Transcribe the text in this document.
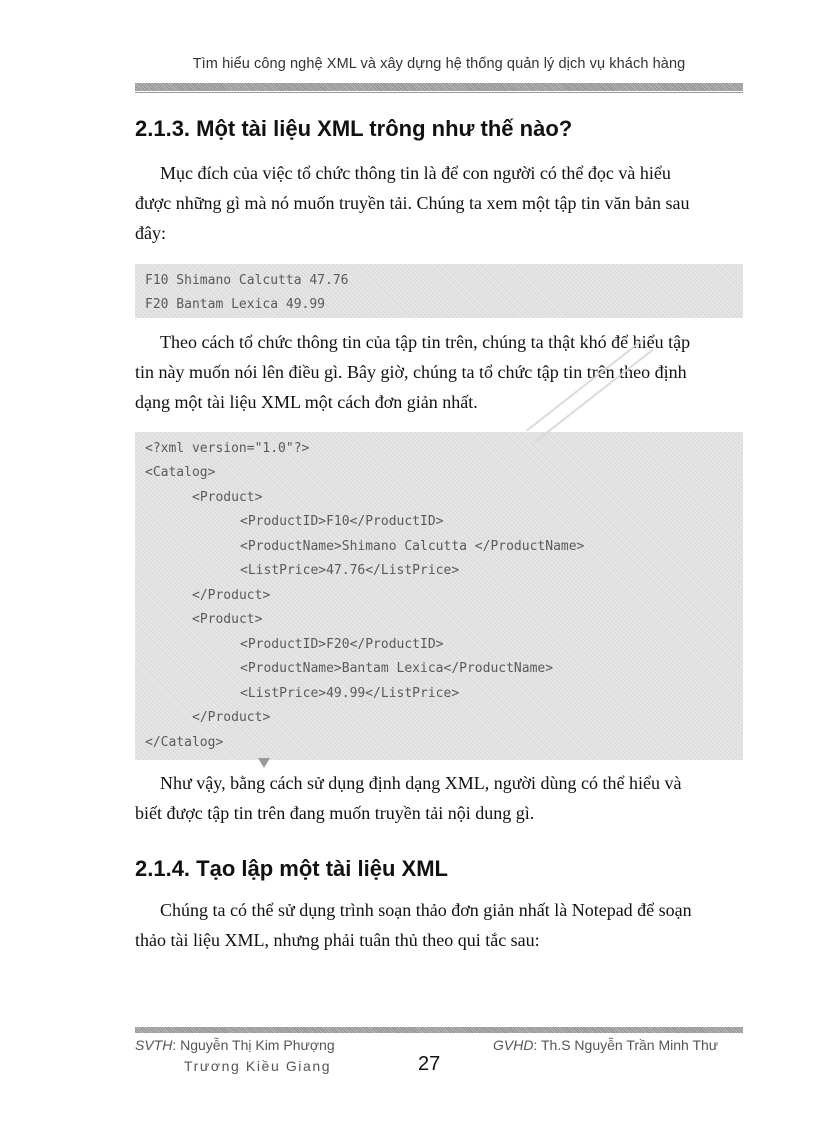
Tìm hiểu công nghệ XML và xây dựng hệ thống quản lý dịch vụ khách hàng
2.1.3. Một tài liệu XML trông như thế nào?

Mục đích của việc tổ chức thông tin là để con người có thể đọc và hiểu

được những gì mà nó muốn truyền tải. Chúng ta xem một tập tin văn bản sau

đây:

F10 Shimano Calcutta 47.76
F20 Bantam Lexica 49.99

Theo cách tổ chức thông tin của tập tin trên, chúng ta thật khó để hiểu tập

tin này muốn nói lên điều gì. Bây giờ, chúng ta tổ chức tập tin trên theo định

dạng một tài liệu XML một cách đơn giản nhất.

<?xml version="1.0"?>
<Catalog>
<Product>
<ProductID>F10</ProductID>
<ProductName>Shimano Calcutta </ProductName>
<ListPrice>47.76</ListPrice>
</Product>
<Product>
<ProductID>F20</ProductID>
<ProductName>Bantam Lexica</ProductName>
<ListPrice>49.99</ListPrice>
</Product>
</Catalog>

Như vậy, bằng cách sử dụng định dạng XML, người dùng có thể hiểu và

biết được tập tin trên đang muốn truyền tải nội dung gì.

2.1.4. Tạo lập một tài liệu XML

Chúng ta có thể sử dụng trình soạn thảo đơn giản nhất là Notepad để soạn

thảo tài liệu XML, nhưng phải tuân thủ theo qui tắc sau:

SVTH: Nguyễn Thị Kim Phượng
Trương Kiều Giang	27
GVHD: Th.S Nguyễn Trần Minh Thư
